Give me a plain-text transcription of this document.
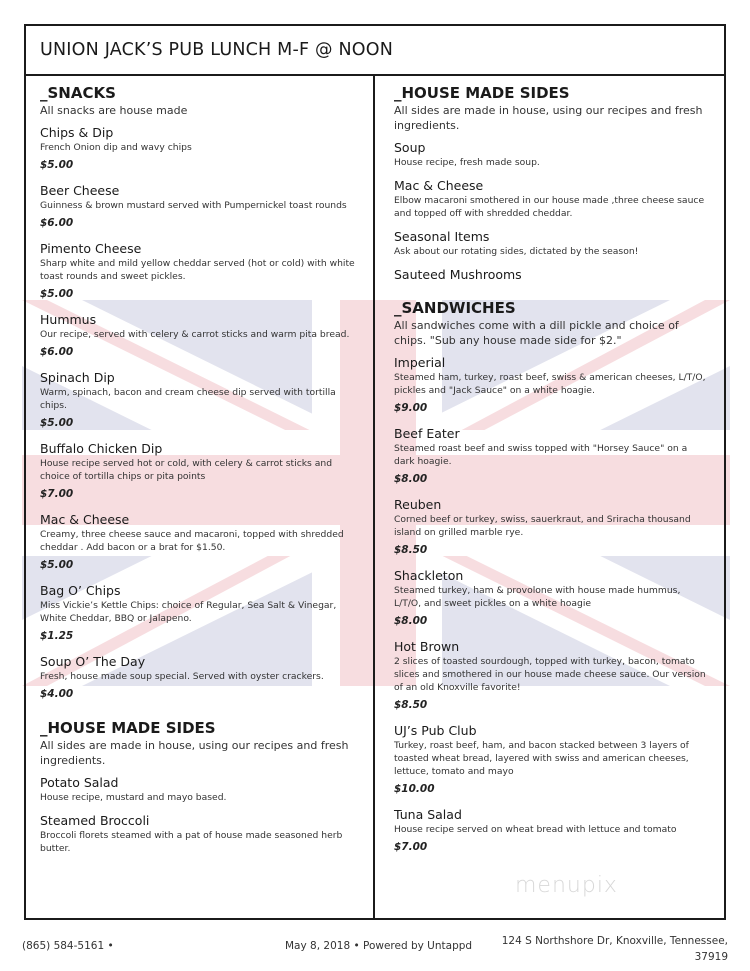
UNION JACK’S PUB LUNCH M-F @ NOON
_SNACKS

All snacks are house made

Chips & Dip

French Onion dip and wavy chips

$5.00

Beer Cheese

Guinness & brown mustard served with Pumpernickel toast rounds

$6.00

Pimento Cheese

Sharp white and mild yellow cheddar served (hot or cold) with white toast rounds and sweet pickles.

$5.00

Hummus

Our recipe, served with celery & carrot sticks and warm pita bread.

$6.00

Spinach Dip

Warm, spinach, bacon and cream cheese dip served with tortilla chips.

$5.00

Buffalo Chicken Dip

House recipe served hot or cold, with celery & carrot sticks and choice of tortilla chips or pita points

$7.00

Mac & Cheese

Creamy, three cheese sauce and macaroni, topped with shredded cheddar . Add bacon or a brat for $1.50.

$5.00

Bag O’ Chips

Miss Vickie’s Kettle Chips: choice of Regular, Sea Salt & Vinegar, White Cheddar, BBQ or Jalapeno.

$1.25

Soup O’ The Day

Fresh, house made soup special. Served with oyster crackers.

$4.00

_HOUSE MADE SIDES

All sides are made in house, using our recipes and fresh ingredients.

Potato Salad

House recipe, mustard and mayo based.

Steamed Broccoli

Broccoli florets steamed with a pat of house made seasoned herb butter.

_HOUSE MADE SIDES

All sides are made in house, using our recipes and fresh ingredients.

Soup

House recipe, fresh made soup.

Mac & Cheese

Elbow macaroni smothered in our house made ,three cheese sauce and topped off with shredded cheddar.

Seasonal Items

Ask about our rotating sides, dictated by the season!

Sauteed Mushrooms

_SANDWICHES

All sandwiches come with a dill pickle and choice of chips. "Sub any house made side for $2."

Imperial

Steamed ham, turkey, roast beef, swiss & american cheeses, L/T/O, pickles and "Jack Sauce" on a white hoagie.

$9.00

Beef Eater

Steamed roast beef and swiss topped with "Horsey Sauce" on a dark hoagie.

$8.00

Reuben

Corned beef or turkey, swiss, sauerkraut, and Sriracha thousand island on grilled marble rye.

$8.50

Shackleton

Steamed turkey, ham & provolone with house made hummus, L/T/O, and sweet pickles on a white hoagie

$8.00

Hot Brown

2 slices of toasted sourdough, topped with turkey, bacon, tomato slices and smothered in our house made cheese sauce. Our version of an old Knoxville favorite!

$8.50

UJ’s Pub Club

Turkey, roast beef, ham, and bacon stacked between 3 layers of toasted wheat bread, layered with swiss and american cheeses, lettuce, tomato and mayo

$10.00

Tuna Salad

House recipe served on wheat bread with lettuce and tomato

$7.00

menupix
(865) 584-5161 •	May 8, 2018 • Powered by Untappd	124 S Northshore Dr, Knoxville, Tennessee,
37919
